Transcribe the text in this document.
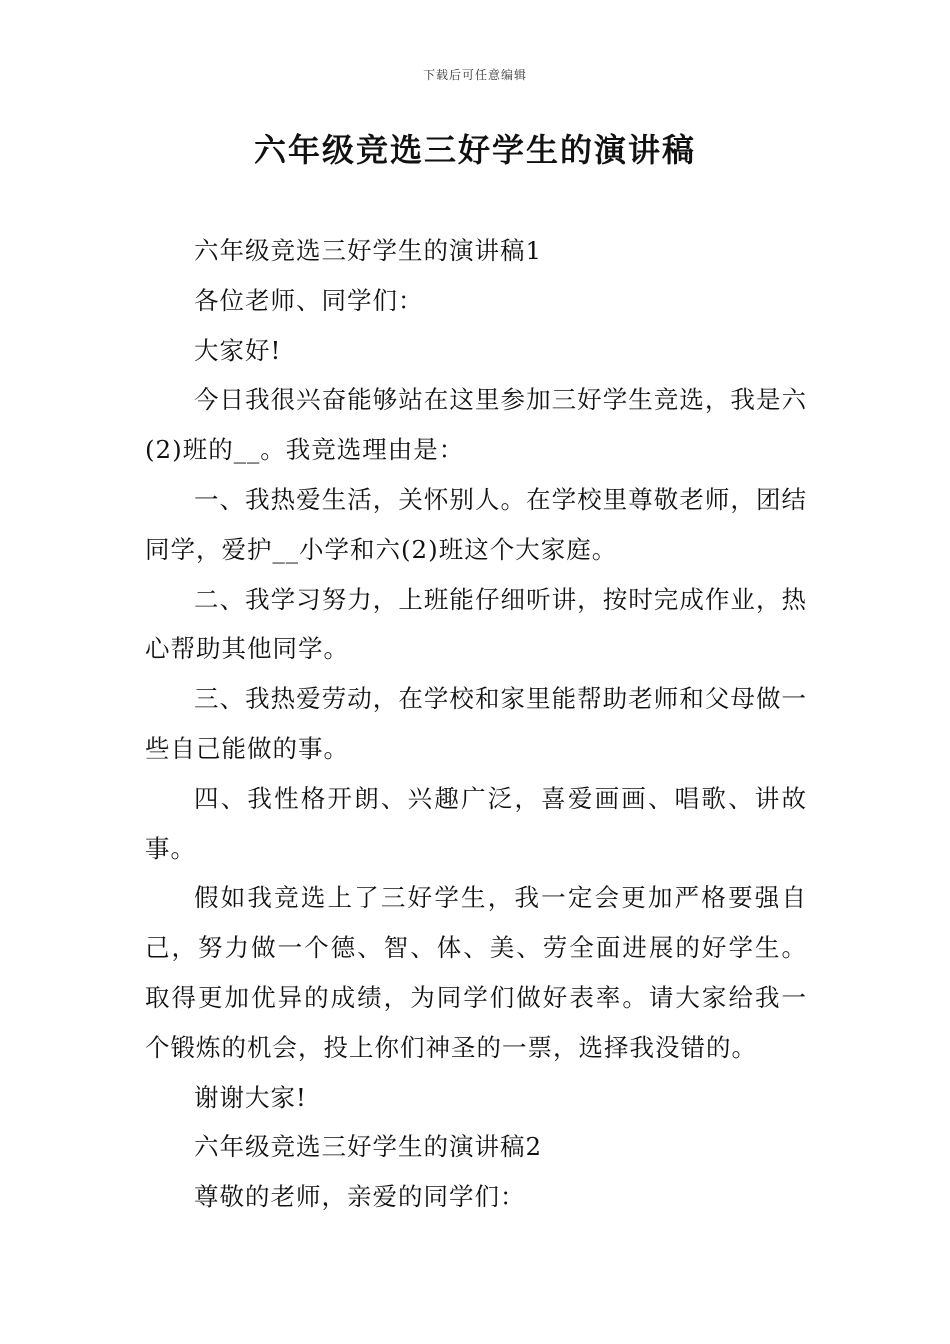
下载后可任意编辑
六年级竞选三好学生的演讲稿

六年级竞选三好学生的演讲稿1

各位老师、同学们：

大家好!

今日我很兴奋能够站在这里参加三好学生竞选，我是六(2)班的__。我竞选理由是：

一、我热爱生活，关怀别人。在学校里尊敬老师，团结同学，爱护__小学和六(2)班这个大家庭。

二、我学习努力，上班能仔细听讲，按时完成作业，热心帮助其他同学。

三、我热爱劳动，在学校和家里能帮助老师和父母做一些自己能做的事。

四、我性格开朗、兴趣广泛，喜爱画画、唱歌、讲故事。

假如我竞选上了三好学生，我一定会更加严格要强自己，努力做一个德、智、体、美、劳全面进展的好学生。取得更加优异的成绩，为同学们做好表率。请大家给我一个锻炼的机会，投上你们神圣的一票，选择我没错的。

谢谢大家!

六年级竞选三好学生的演讲稿2

尊敬的老师，亲爱的同学们：
